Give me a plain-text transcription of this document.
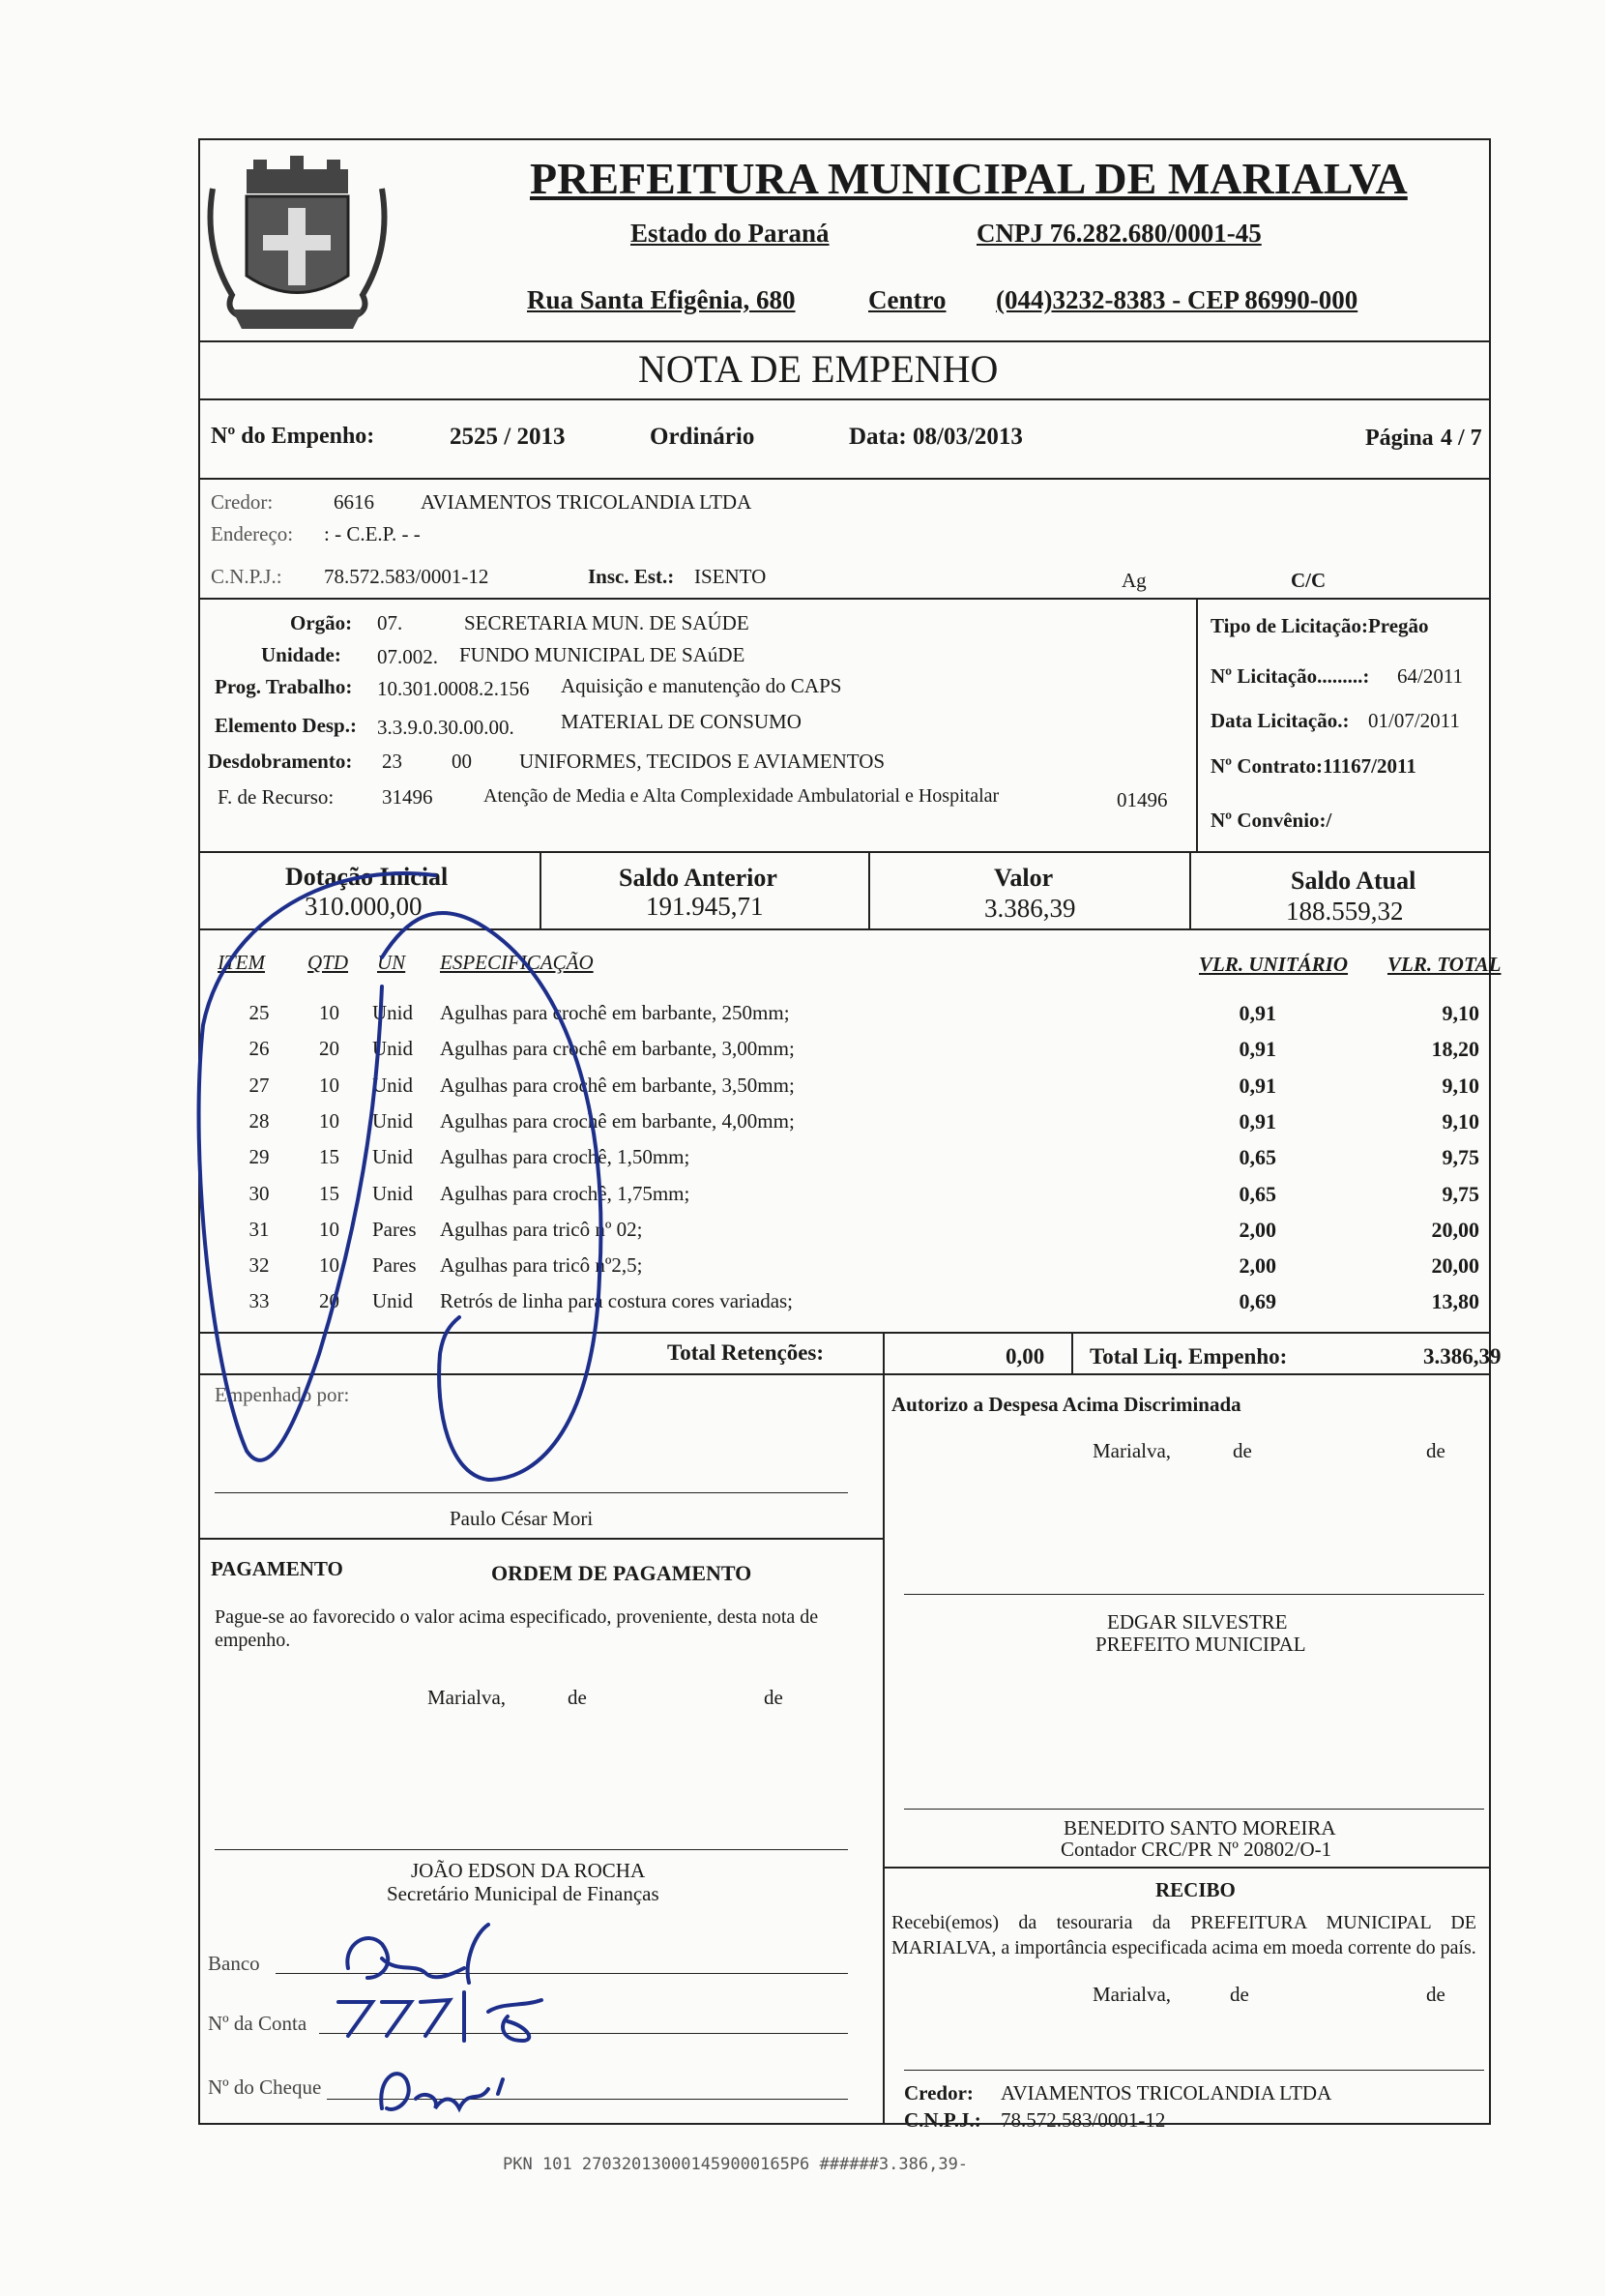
PREFEITURA MUNICIPAL DE MARIALVA
Estado do Paraná	CNPJ 76.282.680/0001-45
Rua Santa Efigênia, 680	Centro (044)3232-8383 - CEP 86990-000
NOTA DE EMPENHO
Nº do Empenho:	2525 / 2013	Ordinário	Data: 08/03/2013	Página 4 / 7
Credor:	6616 AVIAMENTOS TRICOLANDIA LTDA
Endereço: : - C.E.P. - -
C.N.P.J.: 78.572.583/0001-12	Insc. Est.: ISENTO	Ag	C/C
Orgão: 07.	SECRETARIA MUN. DE SAÚDE
Unidade: 07.002. FUNDO MUNICIPAL DE SAúDE
Prog. Trabalho: 10.301.0008.2.156 Aquisição e manutenção do CAPS
Elemento Desp.: 3.3.9.0.30.00.00. MATERIAL DE CONSUMO
Desdobramento: 23 00 UNIFORMES, TECIDOS E AVIAMENTOS
F. de Recurso: 31496	Atenção de Media e Alta Complexidade Ambulatorial e Hospitalar	01496
Tipo de Licitação:Pregão
Nº Licitação.........: 64/2011
Data Licitação.: 01/07/2011
Nº Contrato:11167/2011
Nº Convênio:/
Dotação Inicial
310.000,00
Saldo Anterior
191.945,71
Valor
3.386,39
Saldo Atual
188.559,32
ITEM QTD UN ESPECIFICAÇÃO	VLR. UNITÁRIO VLR. TOTAL
25	10 Unid Agulhas para crochê em barbante, 250mm;	0,91	9,10
26	20 Unid Agulhas para crochê em barbante, 3,00mm;	0,91	18,20
27	10 Unid Agulhas para crochê em barbante, 3,50mm;	0,91	9,10
28	10 Unid Agulhas para crochê em barbante, 4,00mm;	0,91	9,10
29	15 Unid Agulhas para crochê, 1,50mm;	0,65	9,75
30	15 Unid Agulhas para crochê, 1,75mm;	0,65	9,75
31	10 Pares Agulhas para tricô nº 02;	2,00	20,00
32	10 Pares Agulhas para tricô nº2,5;	2,00	20,00
33	20 Unid Retrós de linha para costura cores variadas;	0,69	13,80
Total Retenções:	0,00 Total Liq. Empenho:	3.386,39
Empenhado por:
Paulo César Mori
Autorizo a Despesa Acima Discriminada
Marialva,	de	de
EDGAR SILVESTRE
PREFEITO MUNICIPAL
PAGAMENTO	ORDEM DE PAGAMENTO
Pague-se ao favorecido o valor acima especificado, proveniente, desta nota de empenho.
Marialva,	de	de
BENEDITO SANTO MOREIRA
Contador CRC/PR Nº 20802/O-1
JOÃO EDSON DA ROCHA
Secretário Municipal de Finanças	RECIBO
Recebi(emos) da tesouraria da PREFEITURA MUNICIPAL DE MARIALVA, a importância especificada acima em moeda corrente do país.
Marialva,	de	de
Credor: AVIAMENTOS TRICOLANDIA LTDA
C.N.P.J.: 78.572.583/0001-12
Banco
Nº da Conta
Nº do Cheque
PKN 101 270320130001459000165P6 ######3.386,39-
